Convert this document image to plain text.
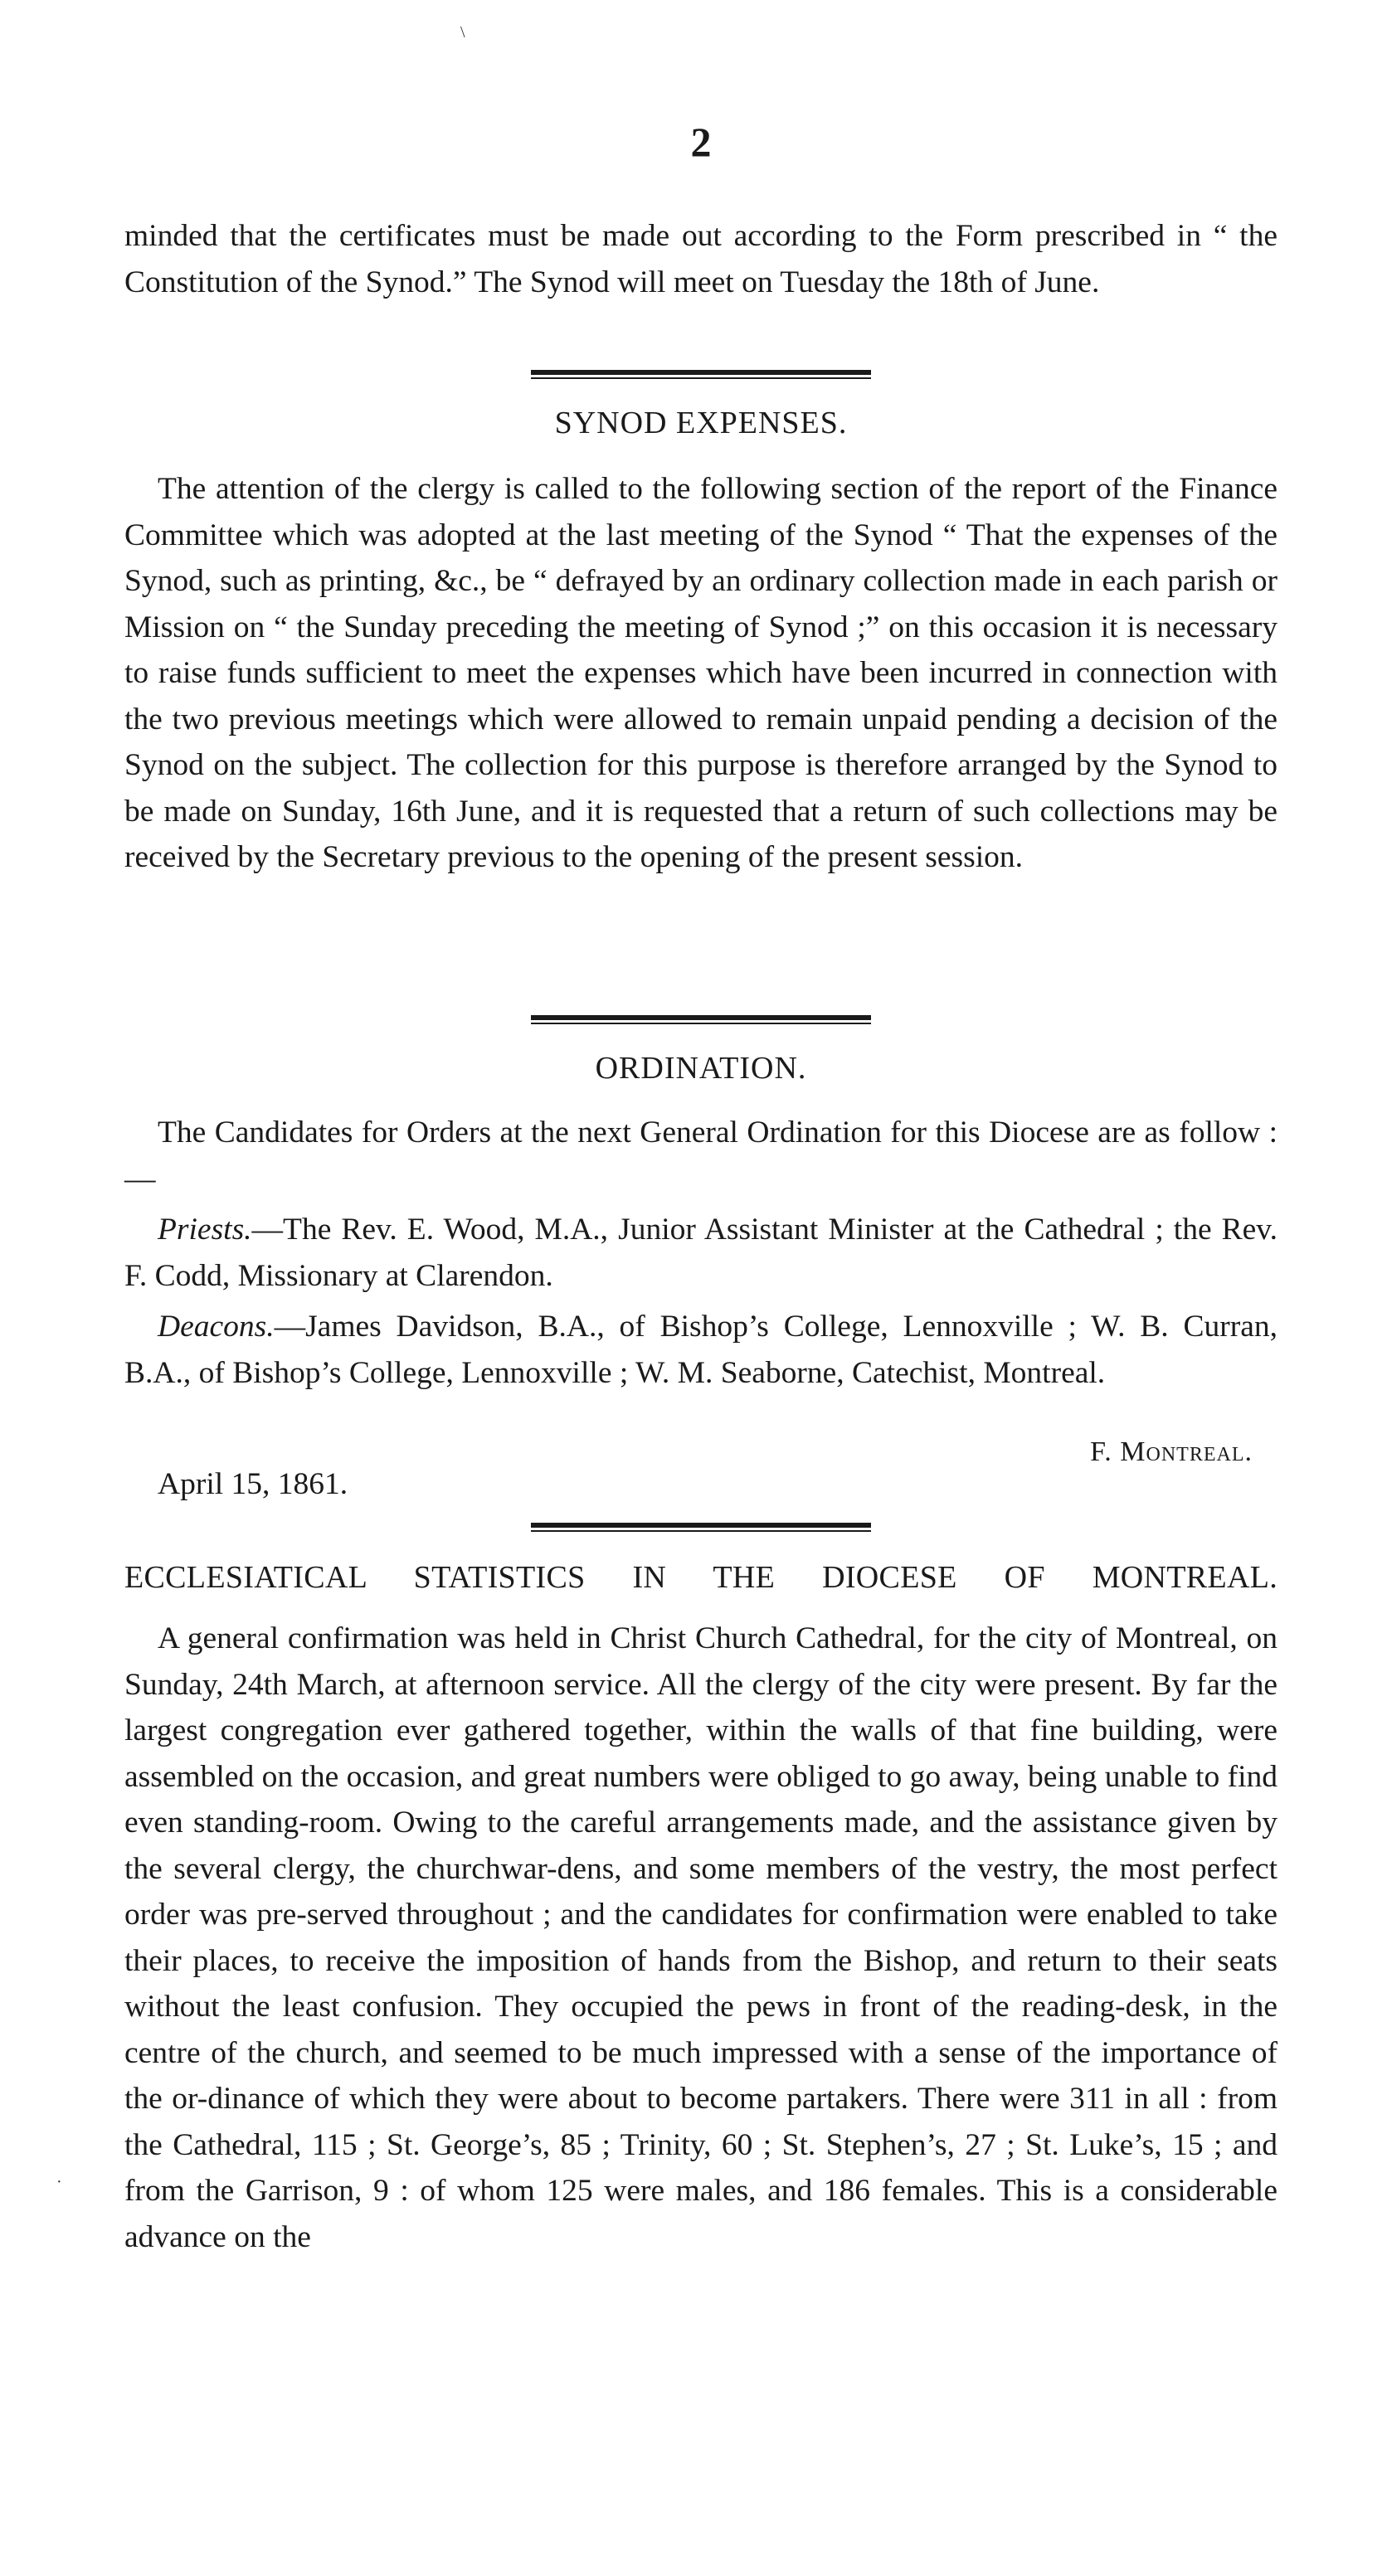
\
2

minded that the certificates must be made out according to the Form prescribed in “ the Constitution of the Synod.” The Synod will meet on Tuesday the 18th of June.

SYNOD EXPENSES.

The attention of the clergy is called to the following section of the report of the Finance Committee which was adopted at the last meeting of the Synod “ That the expenses of the Synod, such as printing, &c., be “ defrayed by an ordinary collection made in each parish or Mission on “ the Sunday preceding the meeting of Synod ;” on this occasion it is necessary to raise funds sufficient to meet the expenses which have been incurred in connection with the two previous meetings which were allowed to remain unpaid pending a decision of the Synod on the subject. The collection for this purpose is therefore arranged by the Synod to be made on Sunday, 16th June, and it is requested that a return of such collections may be received by the Secretary previous to the opening of the present session.

ORDINATION.

The Candidates for Orders at the next General Ordination for this Diocese are as follow :—

Priests.—The Rev. E. Wood, M.A., Junior Assistant Minister at the Cathedral ; the Rev. F. Codd, Missionary at Clarendon.

Deacons.—James Davidson, B.A., of Bishop’s College, Lennoxville ; W. B. Curran, B.A., of Bishop’s College, Lennoxville ; W. M. Seaborne, Catechist, Montreal.

F. Montreal.
April 15, 1861.
ECCLESIATICAL STATISTICS IN THE DIOCESE OF MONTREAL.

A general confirmation was held in Christ Church Cathedral, for the city of Montreal, on Sunday, 24th March, at afternoon service. All the clergy of the city were present. By far the largest congregation ever gathered together, within the walls of that fine building, were assembled on the occasion, and great numbers were obliged to go away, being unable to find even standing-room. Owing to the careful arrangements made, and the assistance given by the several clergy, the churchwar-dens, and some members of the vestry, the most perfect order was pre-served throughout ; and the candidates for confirmation were enabled to take their places, to receive the imposition of hands from the Bishop, and return to their seats without the least confusion. They occupied the pews in front of the reading-desk, in the centre of the church, and seemed to be much impressed with a sense of the importance of the or-dinance of which they were about to become partakers. There were 311 in all : from the Cathedral, 115 ; St. George’s, 85 ; Trinity, 60 ; St. Stephen’s, 27 ; St. Luke’s, 15 ; and from the Garrison, 9 : of whom 125 were males, and 186 females. This is a considerable advance on the

·
